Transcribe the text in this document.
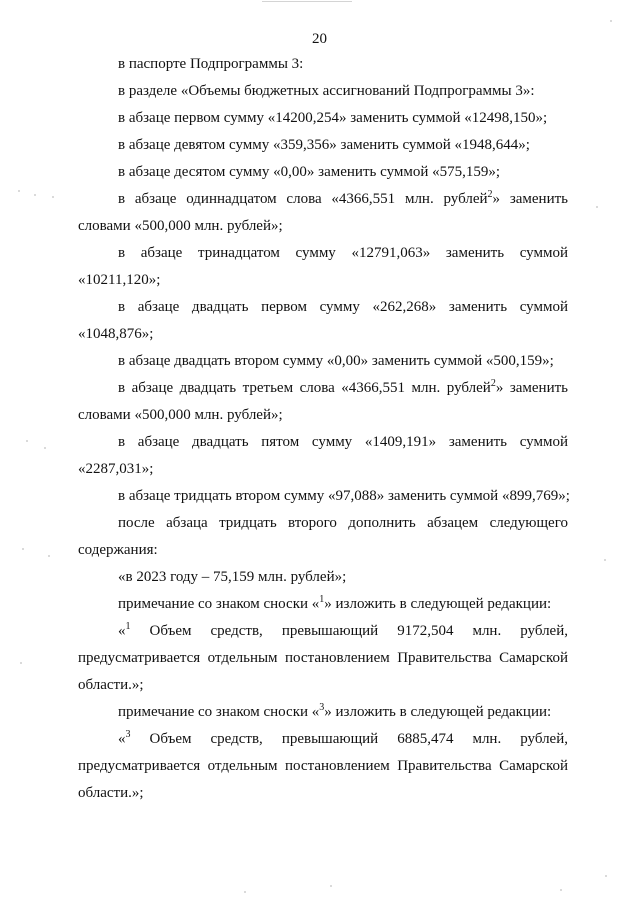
20
в паспорте Подпрограммы 3:
в разделе «Объемы бюджетных ассигнований Подпрограммы 3»:
в абзаце первом сумму «14200,254» заменить суммой «12498,150»;
в абзаце девятом сумму «359,356» заменить суммой «1948,644»;
в абзаце десятом сумму «0,00» заменить суммой «575,159»;
в абзаце одиннадцатом слова «4366,551 млн. рублей$^2$» заменить
словами «500,000 млн. рублей»;
в абзаце тринадцатом сумму «12791,063» заменить суммой
«10211,120»;
в абзаце двадцать первом сумму «262,268» заменить суммой
«1048,876»;
в абзаце двадцать втором сумму «0,00» заменить суммой «500,159»;
в абзаце двадцать третьем слова «4366,551 млн. рублей$^2$» заменить
словами «500,000 млн. рублей»;
в абзаце двадцать пятом сумму «1409,191» заменить суммой
«2287,031»;
в абзаце тридцать втором сумму «97,088» заменить суммой «899,769»;
после абзаца тридцать второго дополнить абзацем следующего
содержания:
«в 2023 году – 75,159 млн. рублей»;
примечание со знаком сноски «$^1$» изложить в следующей редакции:
«$^1$ Объем средств, превышающий 9172,504 млн. рублей,
предусматривается отдельным постановлением Правительства Самарской
области.»;
примечание со знаком сноски «$^3$» изложить в следующей редакции:
«$^3$ Объем средств, превышающий 6885,474 млн. рублей,
предусматривается отдельным постановлением Правительства Самарской
области.»;
